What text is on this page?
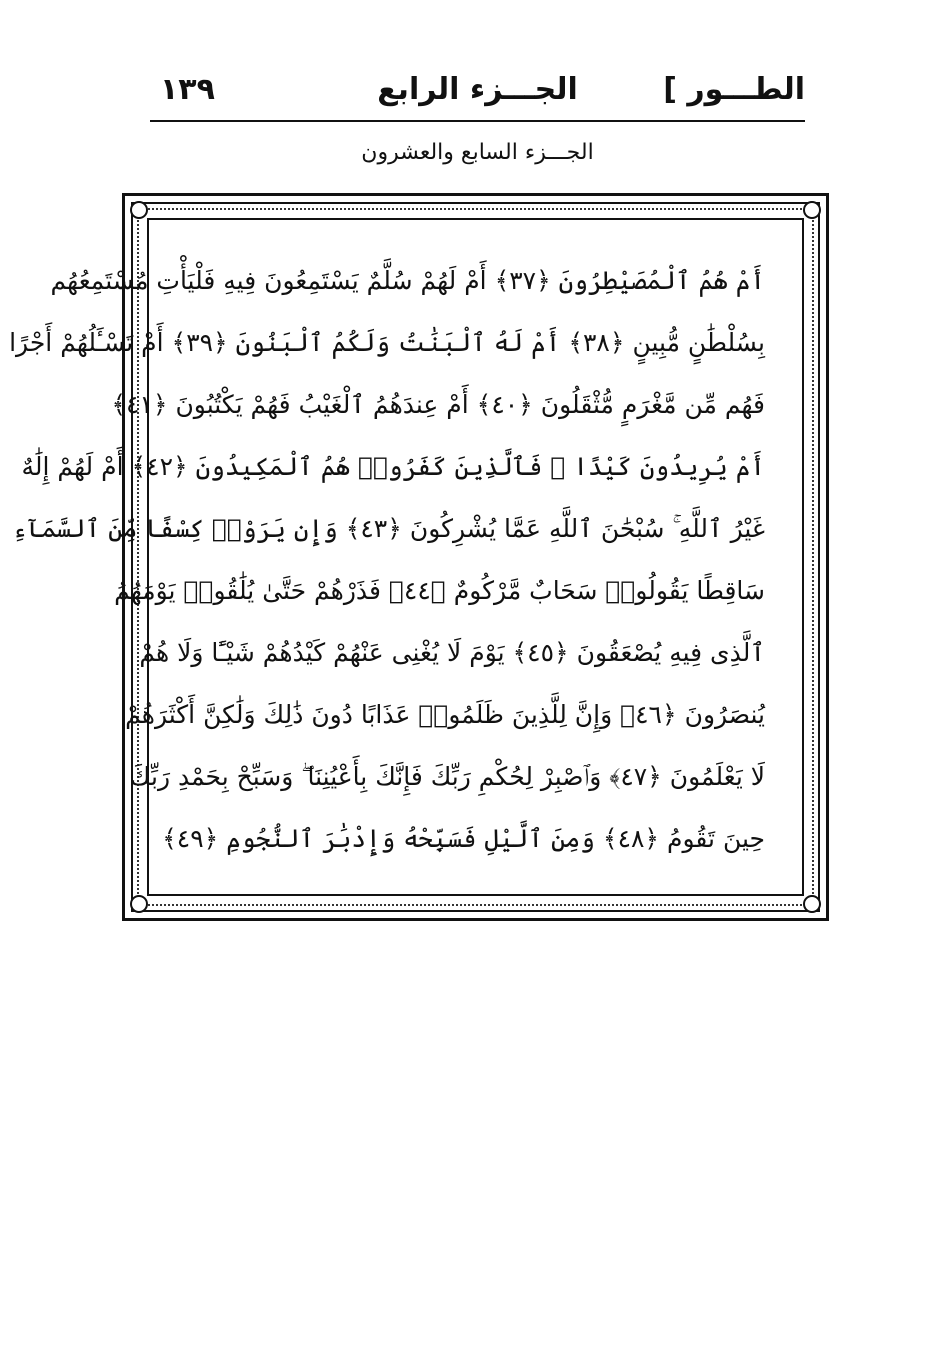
١٣٩	الجـــزء الرابع	الطـــور ]
الجـــزء السابع والعشرون
أَمْ هُمُ ٱلْمُصَيْطِرُونَ ﴿٣٧﴾ أَمْ لَهُمْ سُلَّمٌ يَسْتَمِعُونَ فِيهِ فَلْيَأْتِ مُسْتَمِعُهُم
بِسُلْطَٰنٍ مُّبِينٍ ﴿٣٨﴾ أَمْ لَهُ ٱلْبَنَٰتُ وَلَكُمُ ٱلْبَنُونَ ﴿٣٩﴾ أَمْ تَسْـَٔلُهُمْ أَجْرًا
فَهُم مِّن مَّغْرَمٍ مُّثْقَلُونَ ﴿٤٠﴾ أَمْ عِندَهُمُ ٱلْغَيْبُ فَهُمْ يَكْتُبُونَ ﴿٤١﴾
أَمْ يُرِيدُونَ كَيْدًا ۖ فَٱلَّذِينَ كَفَرُوا۟ هُمُ ٱلْمَكِيدُونَ ﴿٤٢﴾ أَمْ لَهُمْ إِلَٰهٌ
غَيْرُ ٱللَّهِ ۚ سُبْحَٰنَ ٱللَّهِ عَمَّا يُشْرِكُونَ ﴿٤٣﴾ وَإِن يَرَوْا۟ كِسْفًا مِّنَ ٱلسَّمَآءِ
سَاقِطًا يَقُولُوا۟ سَحَابٌ مَّرْكُومٌ ﴿٤٤﴾ فَذَرْهُمْ حَتَّىٰ يُلَٰقُوا۟ يَوْمَهُمُ
ٱلَّذِى فِيهِ يُصْعَقُونَ ﴿٤٥﴾ يَوْمَ لَا يُغْنِى عَنْهُمْ كَيْدُهُمْ شَيْـًٔا وَلَا هُمْ
يُنصَرُونَ ﴿٤٦﴾ وَإِنَّ لِلَّذِينَ ظَلَمُوا۟ عَذَابًا دُونَ ذَٰلِكَ وَلَٰكِنَّ أَكْثَرَهُمْ
لَا يَعْلَمُونَ ﴿٤٧﴾ وَٱصْبِرْ لِحُكْمِ رَبِّكَ فَإِنَّكَ بِأَعْيُنِنَا ۖ وَسَبِّحْ بِحَمْدِ رَبِّكَ
حِينَ تَقُومُ ﴿٤٨﴾ وَمِنَ ٱلَّيْلِ فَسَبِّحْهُ وَإِدْبَٰرَ ٱلنُّجُومِ ﴿٤٩﴾
